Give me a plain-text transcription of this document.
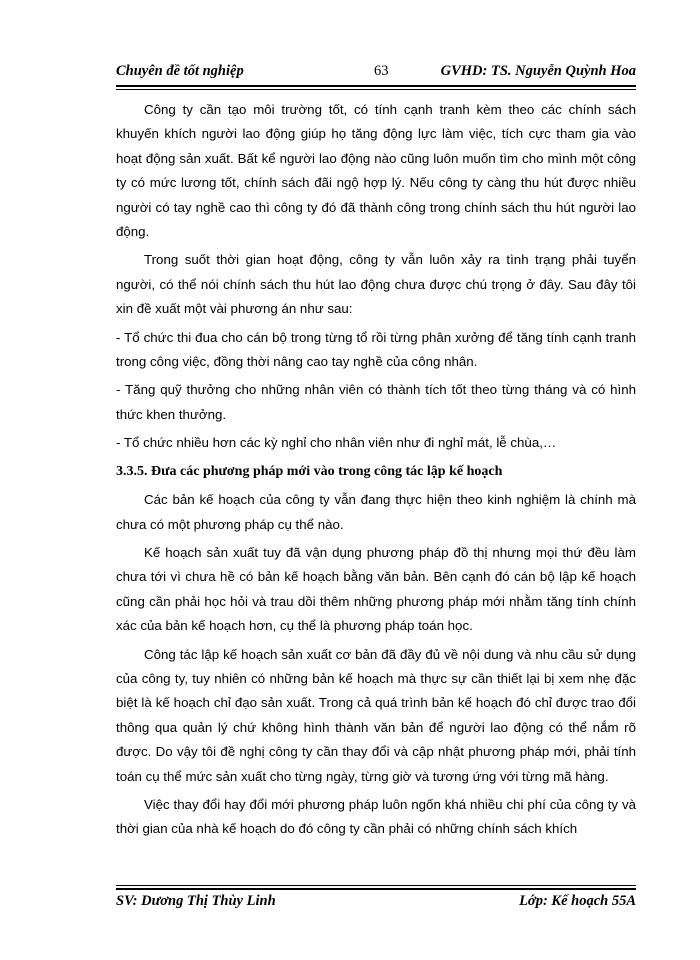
Chuyên đề tốt nghiệp	63	GVHD: TS. Nguyễn Quỳnh Hoa

Công ty cần tạo môi trường tốt, có tính cạnh tranh kèm theo các chính sách khuyến khích người lao động giúp họ tăng động lực làm việc, tích cực tham gia vào hoạt động sản xuất. Bất kể người lao động nào cũng luôn muốn tìm cho mình một công ty có mức lương tốt, chính sách đãi ngộ hợp lý. Nếu công ty càng thu hút được nhiều người có tay nghề cao thì công ty đó đã thành công trong chính sách thu hút người lao động.

Trong suốt thời gian hoạt động, công ty vẫn luôn xảy ra tình trạng phải tuyển người, có thể nói chính sách thu hút lao động chưa được chú trọng ở đây. Sau đây tôi xin đề xuất một vài phương án như sau:

- Tổ chức thi đua cho cán bộ trong từng tổ rồi từng phân xưởng để tăng tính cạnh tranh trong công việc, đồng thời nâng cao tay nghề của công nhân.

- Tăng quỹ thưởng cho những nhân viên có thành tích tốt theo từng tháng và có hình thức khen thưởng.

- Tổ chức nhiều hơn các kỳ nghỉ cho nhân viên như đi nghỉ mát, lễ chùa,…

3.3.5. Đưa các phương pháp mới vào trong công tác lập kế hoạch

Các bản kế hoạch của công ty vẫn đang thực hiện theo kinh nghiệm là chính mà chưa có một phương pháp cụ thể nào.

Kế hoạch sản xuất tuy đã vận dụng phương pháp đồ thị nhưng mọi thứ đều làm chưa tới vì chưa hề có bản kế hoạch bằng văn bản. Bên cạnh đó cán bộ lập kế hoạch cũng cần phải học hỏi và trau dồi thêm những phương pháp mới nhằm tăng tính chính xác của bản kế hoạch hơn, cụ thể là phương pháp toán học.

Công tác lập kế hoạch sản xuất cơ bản đã đầy đủ về nội dung và nhu cầu sử dụng của công ty, tuy nhiên có những bản kế hoạch mà thực sự cần thiết lại bị xem nhẹ đặc biệt là kế hoạch chỉ đạo sản xuất. Trong cả quá trình bản kế hoạch đó chỉ được trao đổi thông qua quản lý chứ không hình thành văn bản để người lao động có thể nắm rõ được. Do vậy tôi đề nghị công ty cần thay đổi và cập nhật phương pháp mới, phải tính toán cụ thể mức sản xuất cho từng ngày, từng giờ và tương ứng với từng mã hàng.

Việc thay đổi hay đổi mới phương pháp luôn ngốn khá nhiều chi phí của công ty và thời gian của nhà kế hoạch do đó công ty cần phải có những chính sách khích

SV: Dương Thị Thùy Linh	Lớp: Kế hoạch 55A
